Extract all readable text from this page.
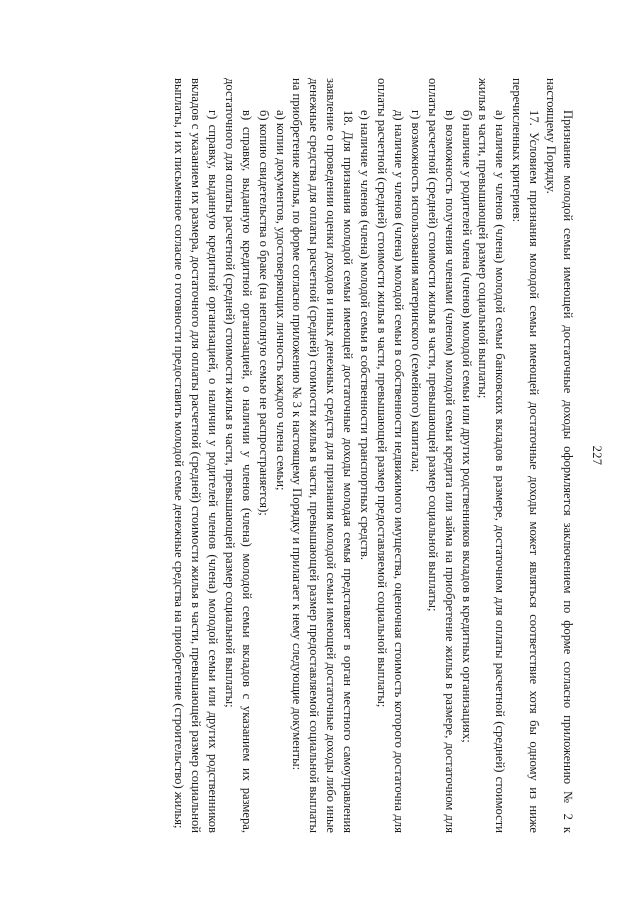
227

Признание молодой семьи имеющей достаточные доходы оформляется заключением по форме согласно приложению № 2 к настоящему Порядку.

17. Условием признания молодой семьи имеющей достаточные доходы может являться соответствие хотя бы одному из ниже перечисленных критериев:

а) наличие у членов (члена) молодой семьи банковских вкладов в размере, достаточном для оплаты расчетной (средней) стоимости жилья в части, превышающей размер социальной выплаты;

б) наличие у родителей члена (членов) молодой семьи или других родственников вкладов в кредитных организациях;

в) возможность получения членами (членом) молодой семьи кредита или займа на приобретение жилья в размере, достаточном для оплаты расчетной (средней) стоимости жилья в части, превышающей размер социальной выплаты;

г) возможность использования материнского (семейного) капитала;

д) наличие у членов (члена) молодой семьи в собственности недвижимого имущества, оценочная стоимость которого достаточна для оплаты расчетной (средней) стоимости жилья в части, превышающей размер предоставляемой социальной выплаты;

е) наличие у членов (члена) молодой семьи в собственности транспортных средств.

18. Для признания молодой семьи имеющей достаточные доходы молодая семья представляет в орган местного самоуправления заявление о проведении оценки доходов и иных денежных средств для признания молодой семьи имеющей достаточные доходы либо иные денежные средства для оплаты расчетной (средней) стоимости жилья в части, превышающей размер предоставляемой социальной выплаты на приобретение жилья, по форме согласно приложению № 3 к настоящему Порядку и прилагает к нему следующие документы:

а) копии документов, удостоверяющих личность каждого члена семьи;

б) копию свидетельства о браке (на неполную семью не распространяется);

в) справку, выданную кредитной организацией, о наличии у членов (члена) молодой семьи вкладов с указанием их размера, достаточного для оплаты расчетной (средней) стоимости жилья в части, превышающей размер социальной выплаты;

г) справку, выданную кредитной организацией, о наличии у родителей членов (члена) молодой семьи или других родственников вкладов с указанием их размера, достаточного для оплаты расчетной (средней) стоимости жилья в части, превышающей размер социальной выплаты, и их письменное согласие о готовности предоставить молодой семье денежные средства на приобретение (строительство) жилья;
